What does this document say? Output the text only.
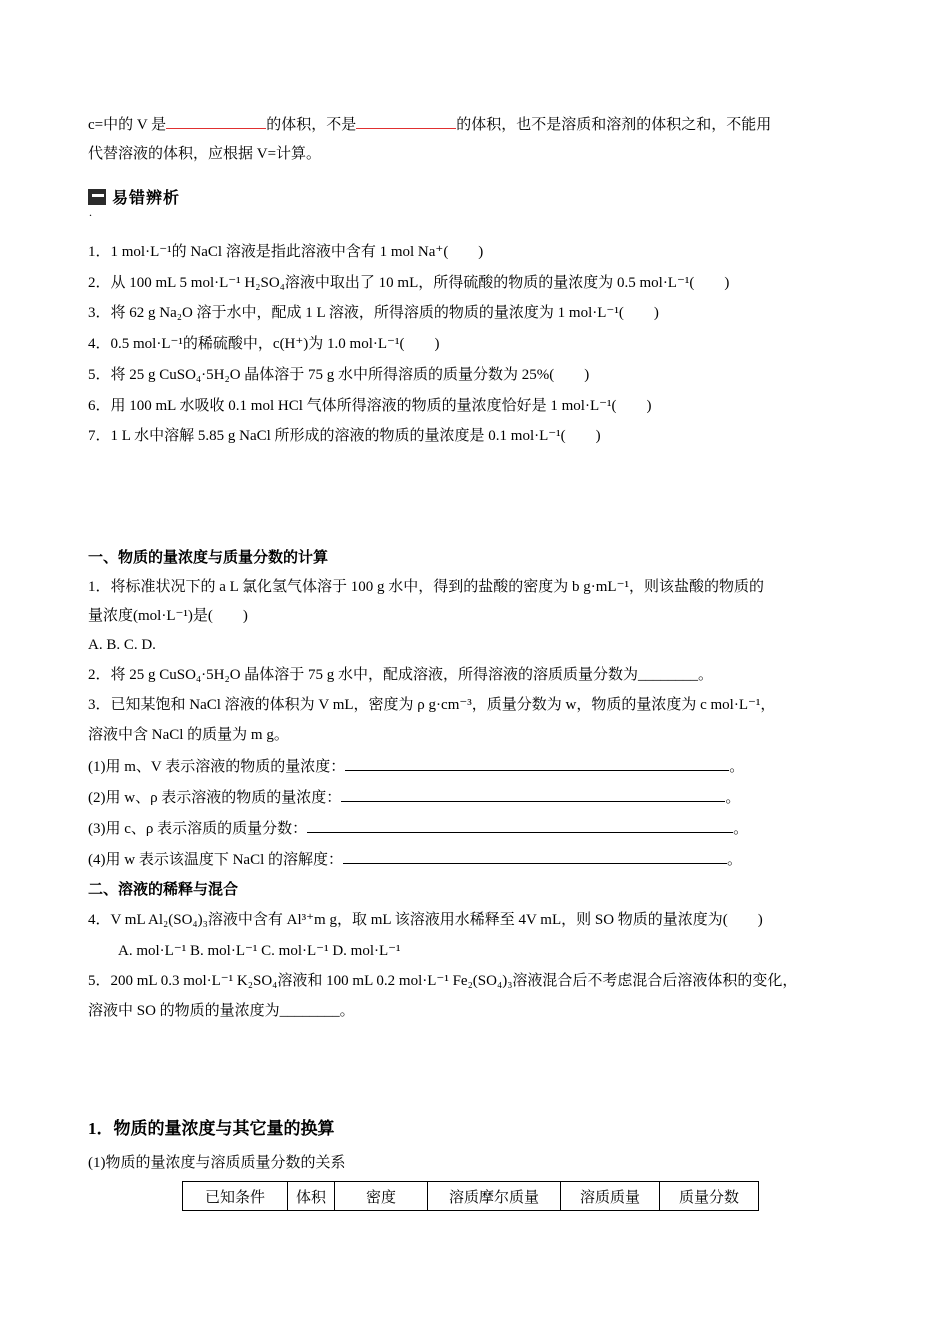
c=中的 V 是	的体积，不是	的体积，也不是溶质和溶剂的体积之和，不能用
代替溶液的体积，应根据 V=计算。
易错辨析
.
1．1 mol·L⁻¹的 NaCl 溶液是指此溶液中含有 1 mol Na⁺(　　)
2．从 100 mL 5 mol·L⁻¹ H₂SO₄溶液中取出了 10 mL，所得硫酸的物质的量浓度为 0.5 mol·L⁻¹(　　)
3．将 62 g Na₂O 溶于水中，配成 1 L 溶液，所得溶质的物质的量浓度为 1 mol·L⁻¹(　　)
4．0.5 mol·L⁻¹的稀硫酸中，c(H⁺)为 1.0 mol·L⁻¹(　　)
5．将 25 g CuSO₄·5H₂O 晶体溶于 75 g 水中所得溶质的质量分数为 25%(　　)
6．用 100 mL 水吸收 0.1 mol HCl 气体所得溶液的物质的量浓度恰好是 1 mol·L⁻¹(　　)
7．1 L 水中溶解 5.85 g NaCl 所形成的溶液的物质的量浓度是 0.1 mol·L⁻¹(　　)
一、物质的量浓度与质量分数的计算
1．将标准状况下的 a L 氯化氢气体溶于 100 g 水中，得到的盐酸的密度为 b g·mL⁻¹，则该盐酸的物质的
量浓度(mol·L⁻¹)是(　　)
A. B. C. D.
2．将 25 g CuSO₄·5H₂O 晶体溶于 75 g 水中，配成溶液，所得溶液的溶质质量分数为________。
3．已知某饱和 NaCl 溶液的体积为 V mL，密度为 ρ g·cm⁻³，质量分数为 w，物质的量浓度为 c mol·L⁻¹，
溶液中含 NaCl 的质量为 m g。
(1)用 m、V 表示溶液的物质的量浓度：	。
(2)用 w、ρ 表示溶液的物质的量浓度：	。
(3)用 c、ρ 表示溶质的质量分数：	。
(4)用 w 表示该温度下 NaCl 的溶解度：	。
二、溶液的稀释与混合
4．V mL Al₂(SO₄)₃溶液中含有 Al³⁺m g，取 mL 该溶液用水稀释至 4V mL，则 SO 物质的量浓度为(　　)
A. mol·L⁻¹ B. mol·L⁻¹ C. mol·L⁻¹ D. mol·L⁻¹
5．200 mL 0.3 mol·L⁻¹ K₂SO₄溶液和 100 mL 0.2 mol·L⁻¹ Fe₂(SO₄)₃溶液混合后不考虑混合后溶液体积的变化，
溶液中 SO 的物质的量浓度为________。
1．物质的量浓度与其它量的换算
(1)物质的量浓度与溶质质量分数的关系
已知条件	体积	密度	溶质摩尔质量	溶质质量	质量分数
